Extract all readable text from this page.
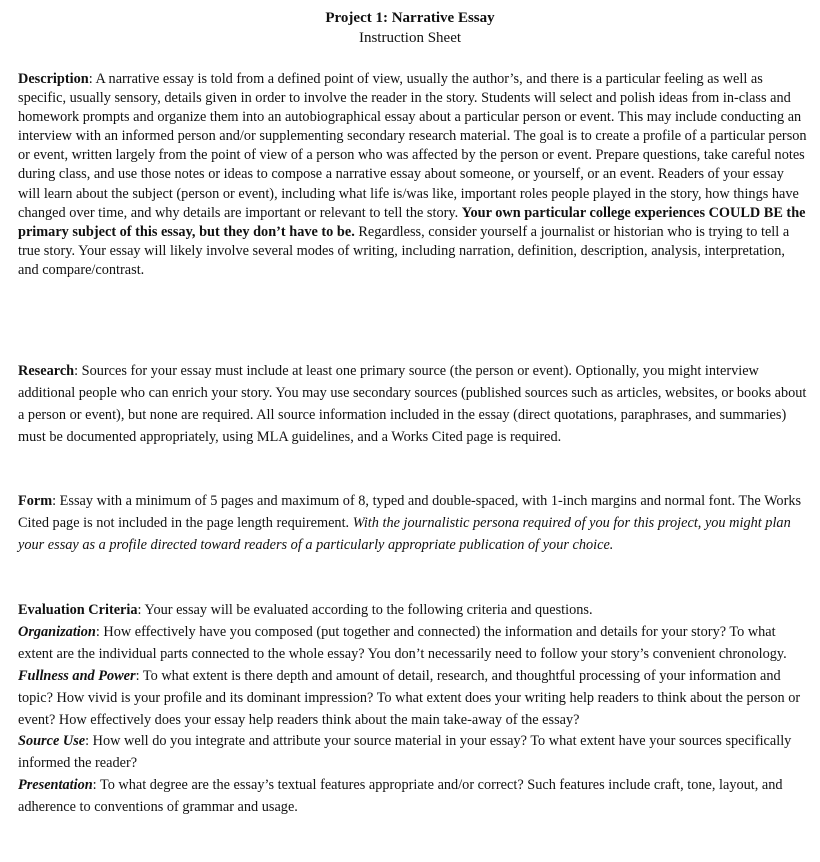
Project 1: Narrative Essay
Instruction Sheet
Description: A narrative essay is told from a defined point of view, usually the author’s, and there is a particular feeling as well as specific, usually sensory, details given in order to involve the reader in the story. Students will select and polish ideas from in-class and homework prompts and organize them into an autobiographical essay about a particular person or event. This may include conducting an interview with an informed person and/or supplementing secondary research material. The goal is to create a profile of a particular person or event, written largely from the point of view of a person who was affected by the person or event. Prepare questions, take careful notes during class, and use those notes or ideas to compose a narrative essay about someone, or yourself, or an event. Readers of your essay will learn about the subject (person or event), including what life is/was like, important roles people played in the story, how things have changed over time, and why details are important or relevant to tell the story. Your own particular college experiences COULD BE the primary subject of this essay, but they don’t have to be. Regardless, consider yourself a journalist or historian who is trying to tell a true story. Your essay will likely involve several modes of writing, including narration, definition, description, analysis, interpretation, and compare/contrast.
Research: Sources for your essay must include at least one primary source (the person or event). Optionally, you might interview additional people who can enrich your story. You may use secondary sources (published sources such as articles, websites, or books about a person or event), but none are required. All source information included in the essay (direct quotations, paraphrases, and summaries) must be documented appropriately, using MLA guidelines, and a Works Cited page is required.
Form: Essay with a minimum of 5 pages and maximum of 8, typed and double-spaced, with 1-inch margins and normal font. The Works Cited page is not included in the page length requirement. With the journalistic persona required of you for this project, you might plan your essay as a profile directed toward readers of a particularly appropriate publication of your choice.
Evaluation Criteria: Your essay will be evaluated according to the following criteria and questions.
Organization: How effectively have you composed (put together and connected) the information and details for your story? To what extent are the individual parts connected to the whole essay? You don’t necessarily need to follow your story’s convenient chronology.
Fullness and Power: To what extent is there depth and amount of detail, research, and thoughtful processing of your information and topic? How vivid is your profile and its dominant impression? To what extent does your writing help readers to think about the person or event? How effectively does your essay help readers think about the main take-away of the essay?
Source Use: How well do you integrate and attribute your source material in your essay? To what extent have your sources specifically informed the reader?
Presentation: To what degree are the essay’s textual features appropriate and/or correct? Such features include craft, tone, layout, and adherence to conventions of grammar and usage.
